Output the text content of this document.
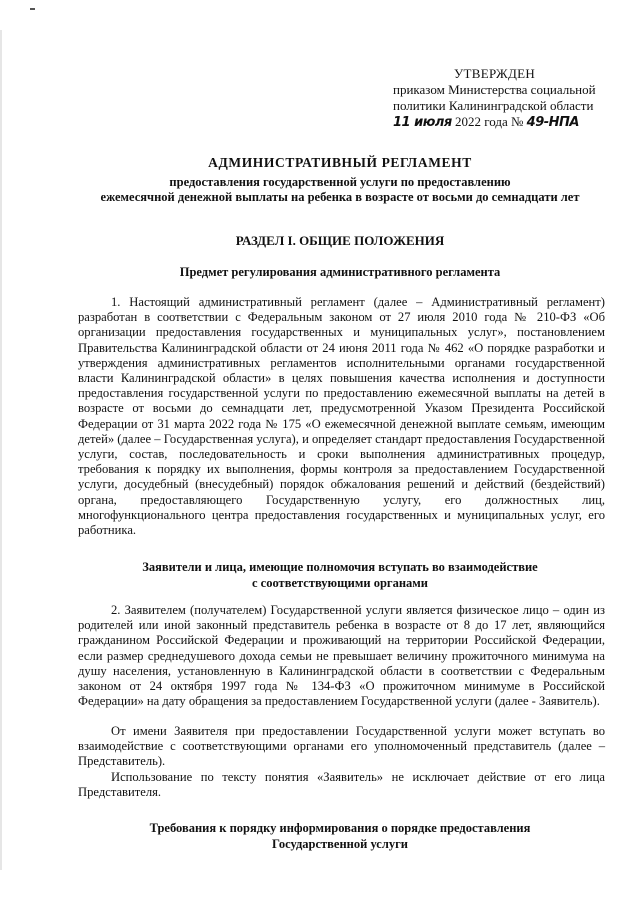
УТВЕРЖДЕН
приказом Министерства социальной
политики Калининградской области
11 июля 2022 года № 49-НПА
АДМИНИСТРАТИВНЫЙ РЕГЛАМЕНТ
предоставления государственной услуги по предоставлению
ежемесячной денежной выплаты на ребенка в возрасте от восьми до семнадцати лет
РАЗДЕЛ I. ОБЩИЕ ПОЛОЖЕНИЯ
Предмет регулирования административного регламента

1. Настоящий административный регламент (далее – Административный регламент) разработан в соответствии с Федеральным законом от 27 июля 2010 года № 210-ФЗ «Об организации предоставления государственных и муниципальных услуг», постановлением Правительства Калининградской области от 24 июня 2011 года № 462 «О порядке разработки и утверждения административных регламентов исполнительными органами государственной власти Калининградской области» в целях повышения качества исполнения и доступности предоставления государственной услуги по предоставлению ежемесячной выплаты на детей в возрасте от восьми до семнадцати лет, предусмотренной Указом Президента Российской Федерации от 31 марта 2022 года № 175 «О ежемесячной денежной выплате семьям, имеющим детей» (далее – Государственная услуга), и определяет стандарт предоставления Государственной услуги, состав, последовательность и сроки выполнения административных процедур, требования к порядку их выполнения, формы контроля за предоставлением Государственной услуги, досудебный (внесудебный) порядок обжалования решений и действий (бездействий) органа, предоставляющего Государственную услугу, его должностных лиц, многофункционального центра предоставления государственных и муниципальных услуг, его работника.

Заявители и лица, имеющие полномочия вступать во взаимодействие
с соответствующими органами

2. Заявителем (получателем) Государственной услуги является физическое лицо – один из родителей или иной законный представитель ребенка в возрасте от 8 до 17 лет, являющийся гражданином Российской Федерации и проживающий на территории Российской Федерации, если размер среднедушевого дохода семьи не превышает величину прожиточного минимума на душу населения, установленную в Калининградской области в соответствии с Федеральным законом от 24 октября 1997 года № 134-ФЗ «О прожиточном минимуме в Российской Федерации» на дату обращения за предоставлением Государственной услуги (далее - Заявитель).

От имени Заявителя при предоставлении Государственной услуги может вступать во взаимодействие с соответствующими органами его уполномоченный представитель (далее – Представитель).

Использование по тексту понятия «Заявитель» не исключает действие от его лица Представителя.

Требования к порядку информирования о порядке предоставления
Государственной услуги
